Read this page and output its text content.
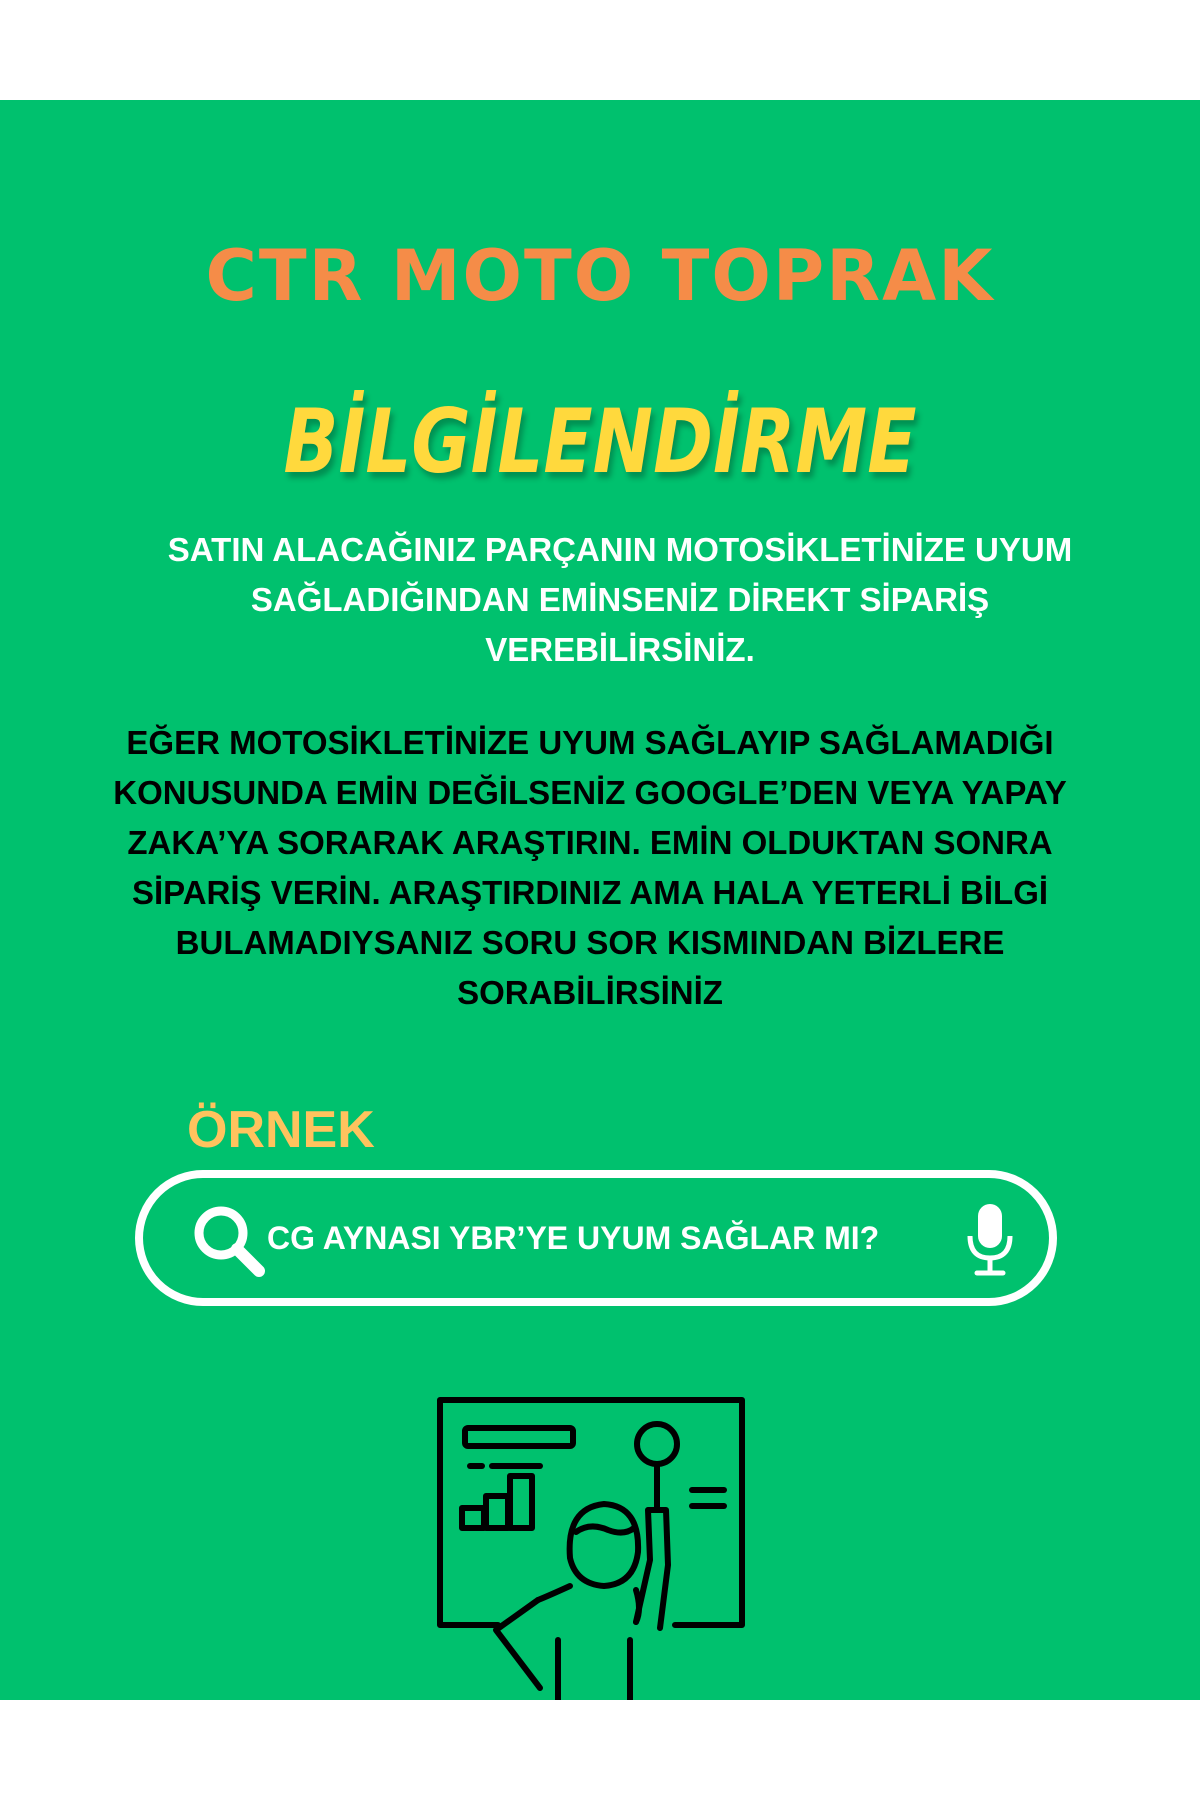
CTR MOTO TOPRAK
BİLGİLENDİRME

SATIN ALACAĞINIZ PARÇANIN MOTOSİKLETİNİZE UYUM SAĞLADIĞINDAN EMİNSENİZ DİREKT SİPARİŞ VEREBİLİRSİNİZ.

EĞER MOTOSİKLETİNİZE UYUM SAĞLAYIP SAĞLAMADIĞI KONUSUNDA EMİN DEĞİLSENİZ GOOGLE’DEN VEYA YAPAY ZAKA’YA SORARAK ARAŞTIRIN. EMİN OLDUKTAN SONRA SİPARİŞ VERİN. ARAŞTIRDINIZ AMA HALA YETERLİ BİLGİ BULAMADIYSANIZ SORU SOR KISMINDAN BİZLERE SORABİLİRSİNİZ

ÖRNEK
CG AYNASI YBR’YE UYUM SAĞLAR MI?
